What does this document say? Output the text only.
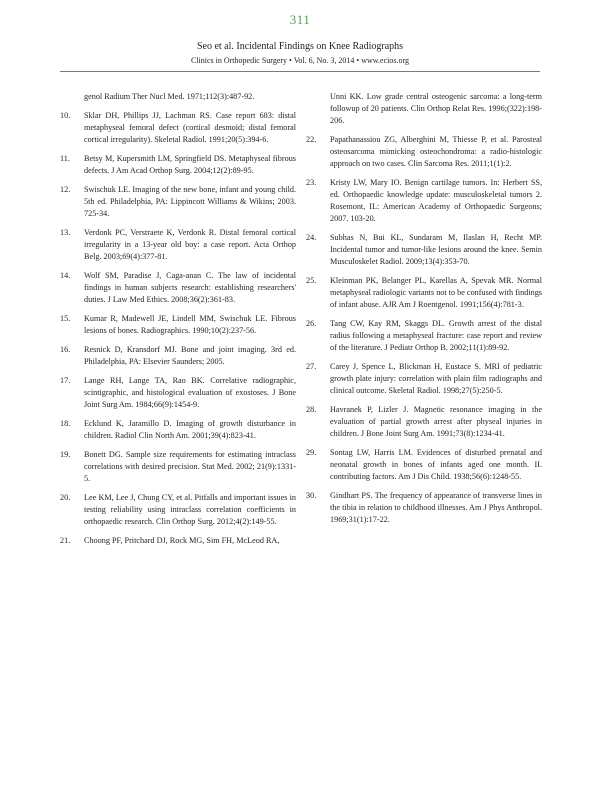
311
Seo et al. Incidental Findings on Knee Radiographs
Clinics in Orthopedic Surgery • Vol. 6, No. 3, 2014 • www.ecios.org
genol Radium Ther Nucl Med. 1971;112(3):487-92.
10.	Sklar DH, Phillips JJ, Lachman RS. Case report 683: distal metaphyseal femoral defect (cortical desmoid; distal femoral cortical irregularity). Skeletal Radiol. 1991;20(5):394-6.
11.	Betsy M, Kupersmith LM, Springfield DS. Metaphyseal fibrous defects. J Am Acad Orthop Surg. 2004;12(2):89-95.
12.	Swischuk LE. Imaging of the new bone, infant and young child. 5th ed. Philadelphia, PA: Lippincott Williams & Wikins; 2003. 725-34.
13.	Verdonk PC, Verstraete K, Verdonk R. Distal femoral cortical irregularity in a 13-year old boy: a case report. Acta Orthop Belg. 2003;69(4):377-81.
14.	Wolf SM, Paradise J, Caga-anan C. The law of incidental findings in human subjects research: establishing researchers' duties. J Law Med Ethics. 2008;36(2):361-83.
15.	Kumar R, Madewell JE, Lindell MM, Swischuk LE. Fibrous lesions of bones. Radiographics. 1990;10(2):237-56.
16.	Resnick D, Kransdorf MJ. Bone and joint imaging. 3rd ed. Philadelphia, PA: Elsevier Saunders; 2005.
17.	Lange RH, Lange TA, Rao BK. Correlative radiographic, scintigraphic, and histological evaluation of exostoses. J Bone Joint Surg Am. 1984;66(9):1454-9.
18.	Ecklund K, Jaramillo D. Imaging of growth disturbance in children. Radiol Clin North Am. 2001;39(4):823-41.
19.	Bonett DG. Sample size requirements for estimating intraclass correlations with desired precision. Stat Med. 2002; 21(9):1331-5.
20.	Lee KM, Lee J, Chung CY, et al. Pitfalls and important issues in testing reliability using intraclass correlation coefficients in orthopaedic research. Clin Orthop Surg. 2012;4(2):149-55.
21.	Choong PF, Pritchard DJ, Rock MG, Sim FH, McLeod RA,
Unni KK. Low grade central osteogenic sarcoma: a long-term followup of 20 patients. Clin Orthop Relat Res. 1996;(322):198-206.
22.	Papathanassiou ZG, Alberghini M, Thiesse P, et al. Parosteal osteosarcoma mimicking osteochondroma: a radio-histologic approach on two cases. Clin Sarcoma Res. 2011;1(1):2.
23.	Kristy LW, Mary IO. Benign cartilage tumors. In: Herbert SS, ed. Orthopaedic knowledge update: musculoskeletal tumors 2. Rosemont, IL: American Academy of Orthopaedic Surgeons; 2007. 103-20.
24.	Subhas N, Bui KL, Sundaram M, Ilaslan H, Recht MP. Incidental tumor and tumor-like lesions around the knee. Semin Musculoskelet Radiol. 2009;13(4):353-70.
25.	Kleinman PK, Belanger PL, Karellas A, Spevak MR. Normal metaphyseal radiologic variants not to be confused with findings of infant abuse. AJR Am J Roentgenol. 1991;156(4):781-3.
26.	Tang CW, Kay RM, Skaggs DL. Growth arrest of the distal radius following a metaphyseal fracture: case report and review of the literature. J Pediatr Orthop B. 2002;11(1):89-92.
27.	Carey J, Spence L, Blickman H, Eustace S. MRI of pediatric growth plate injury: correlation with plain film radiographs and clinical outcome. Skeletal Radiol. 1998;27(5):250-5.
28.	Havranek P, Lizler J. Magnetic resonance imaging in the evaluation of partial growth arrest after physeal injuries in children. J Bone Joint Surg Am. 1991;73(8):1234-41.
29.	Sontag LW, Harris LM. Evidences of disturbed prenatal and neonatal growth in bones of infants aged one month. II. contributing factors. Am J Dis Child. 1938;56(6):1248-55.
30.	Gindhart PS. The frequency of appearance of transverse lines in the tibia in relation to childhood illnesses. Am J Phys Anthropol. 1969;31(1):17-22.
